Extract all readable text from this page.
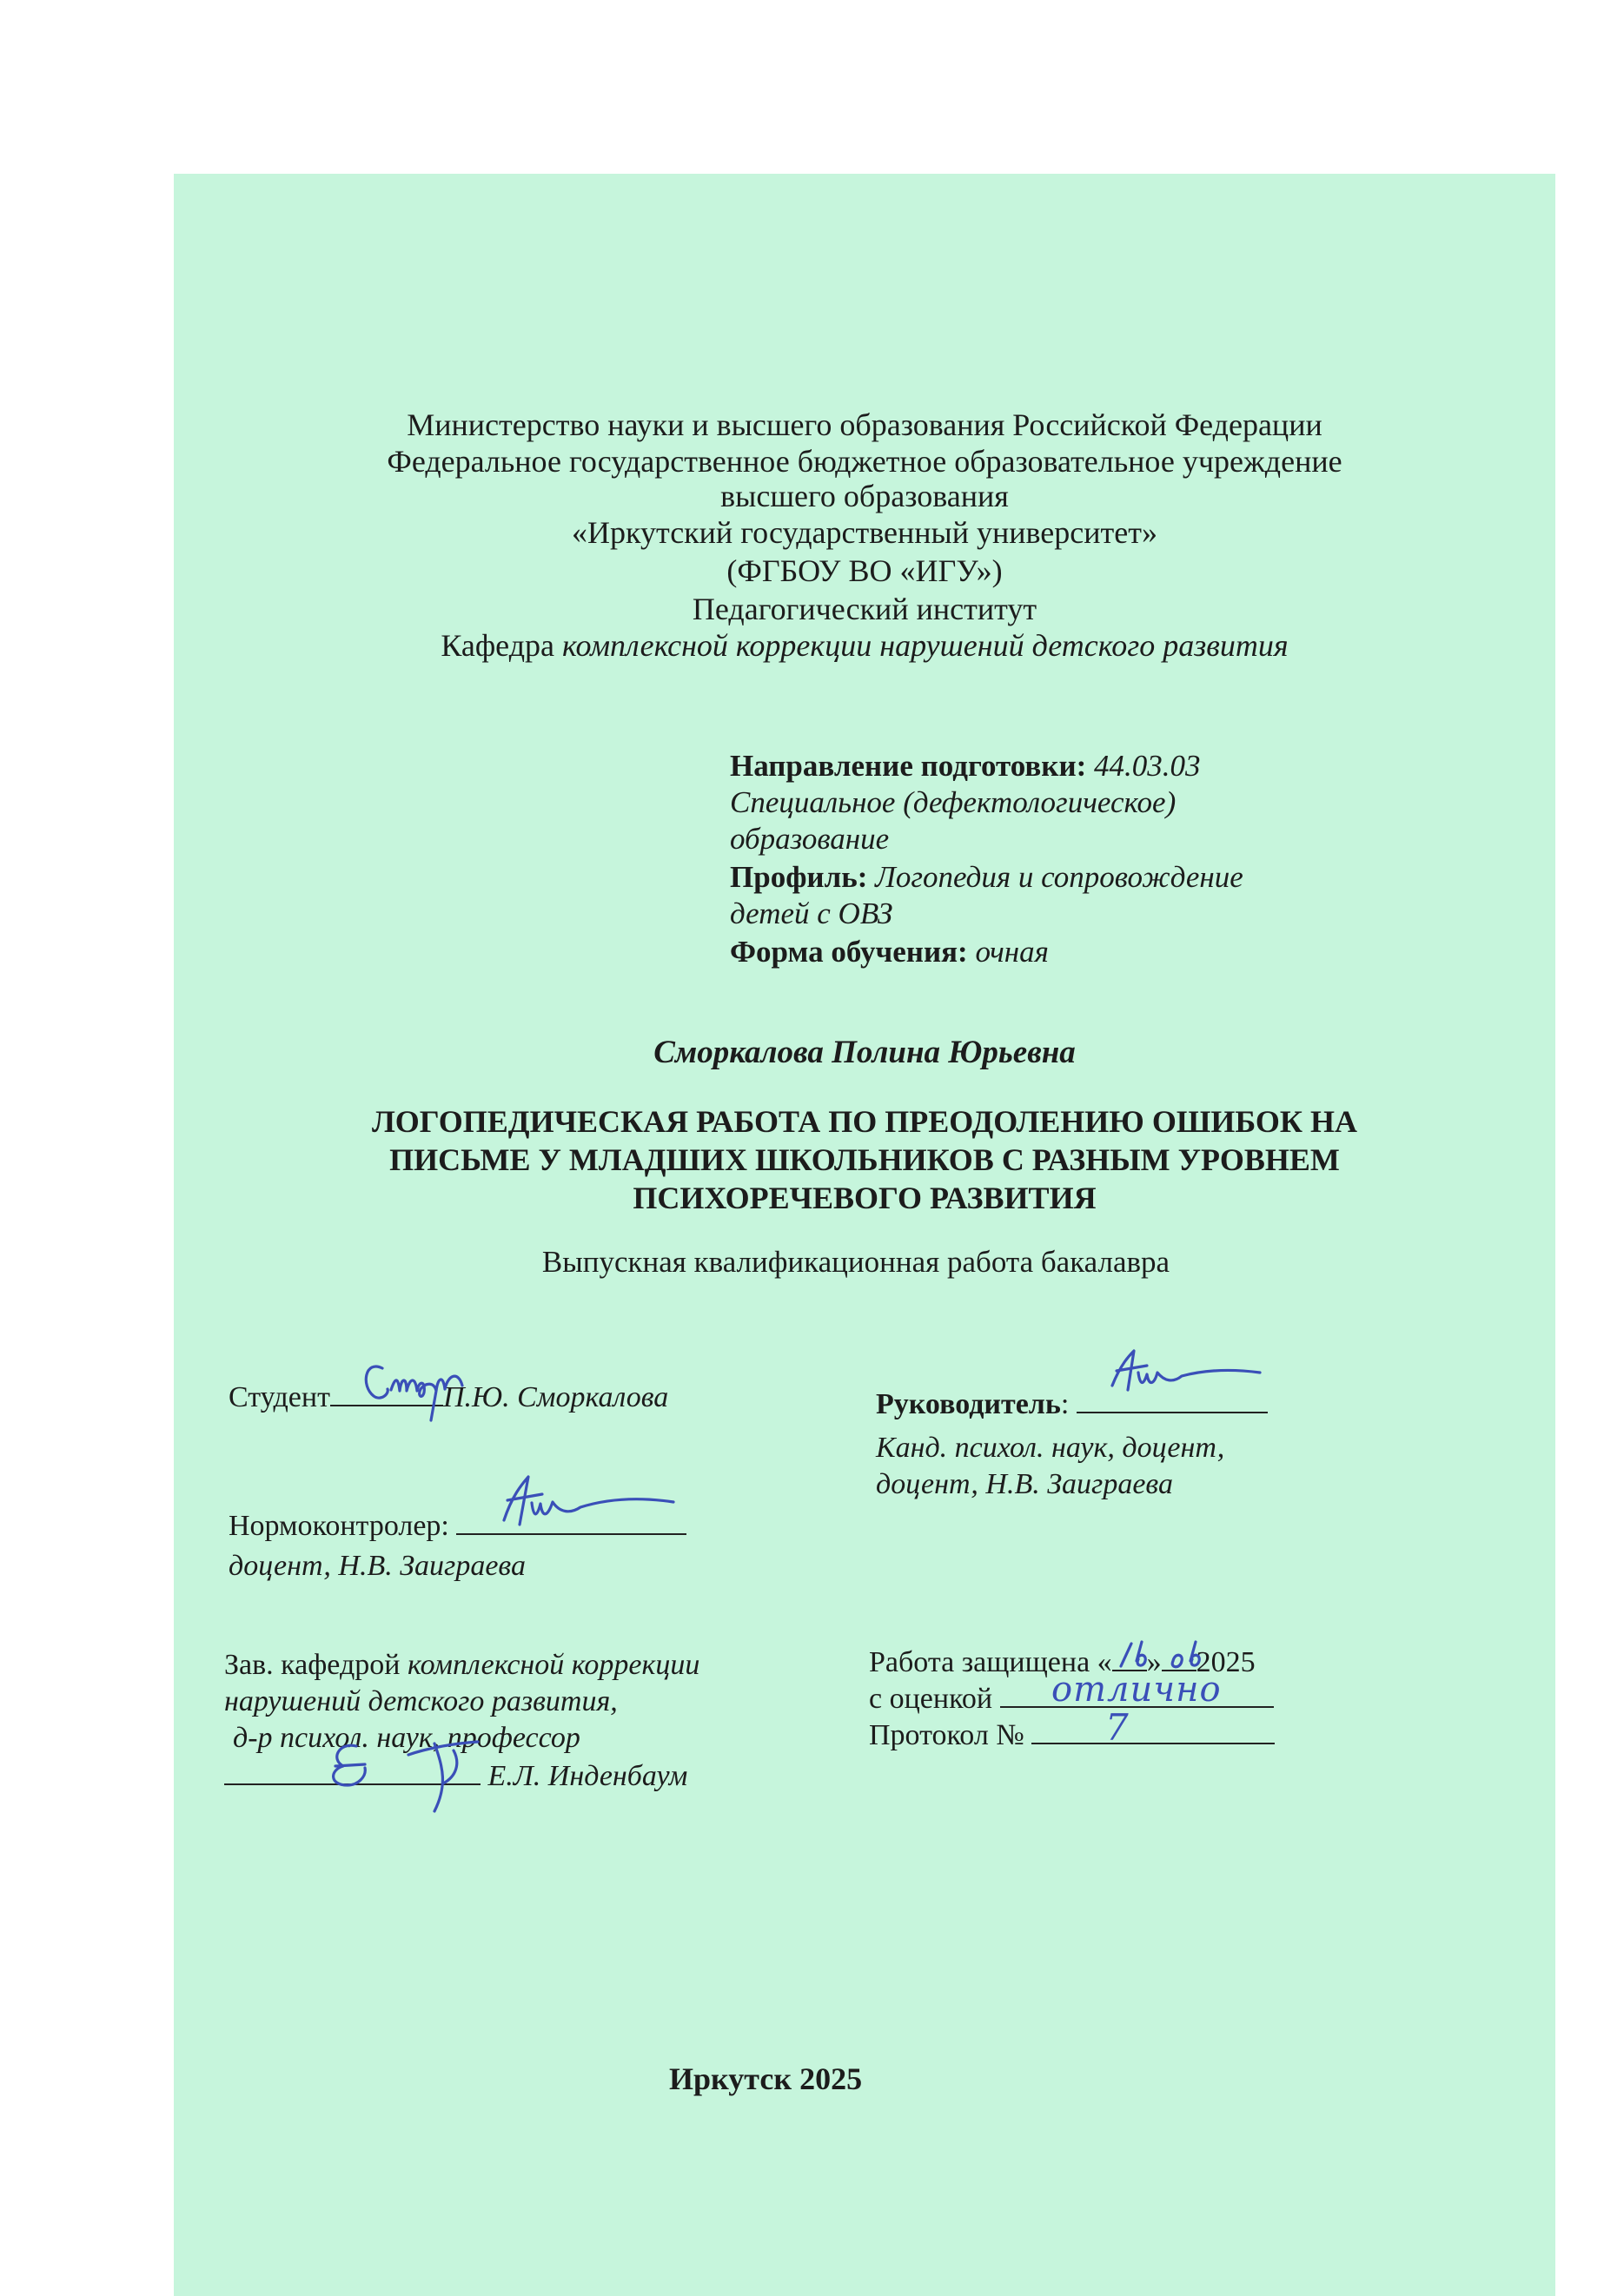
Министерство науки и высшего образования Российской Федерации
Федеральное государственное бюджетное образовательное учреждение
высшего образования
«Иркутский государственный университет»
(ФГБОУ ВО «ИГУ»)
Педагогический институт
Кафедра комплексной коррекции нарушений детского развития
Направление подготовки: 44.03.03
Специальное (дефектологическое)
образование
Профиль: Логопедия и сопровождение
детей с ОВЗ
Форма обучения: очная
Сморкалова Полина Юрьевна
ЛОГОПЕДИЧЕСКАЯ РАБОТА ПО ПРЕОДОЛЕНИЮ ОШИБОК НА
ПИСЬМЕ У МЛАДШИХ ШКОЛЬНИКОВ С РАЗНЫМ УРОВНЕМ
ПСИХОРЕЧЕВОГО РАЗВИТИЯ
Выпускная квалификационная работа бакалавра
Студент	П.Ю. Сморкалова	Руководитель:
Канд. психол. наук, доцент,
доцент, Н.В. Заиграева
Нормоконтролер:
доцент, Н.В. Заиграева
Зав. кафедрой комплексной коррекции
нарушений детского развития,
д-р психол. наук, профессор
Е.Л. Инденбаум
Работа защищена « » 2025
с оценкой	отлично
Протокол №	7
Иркутск 2025
